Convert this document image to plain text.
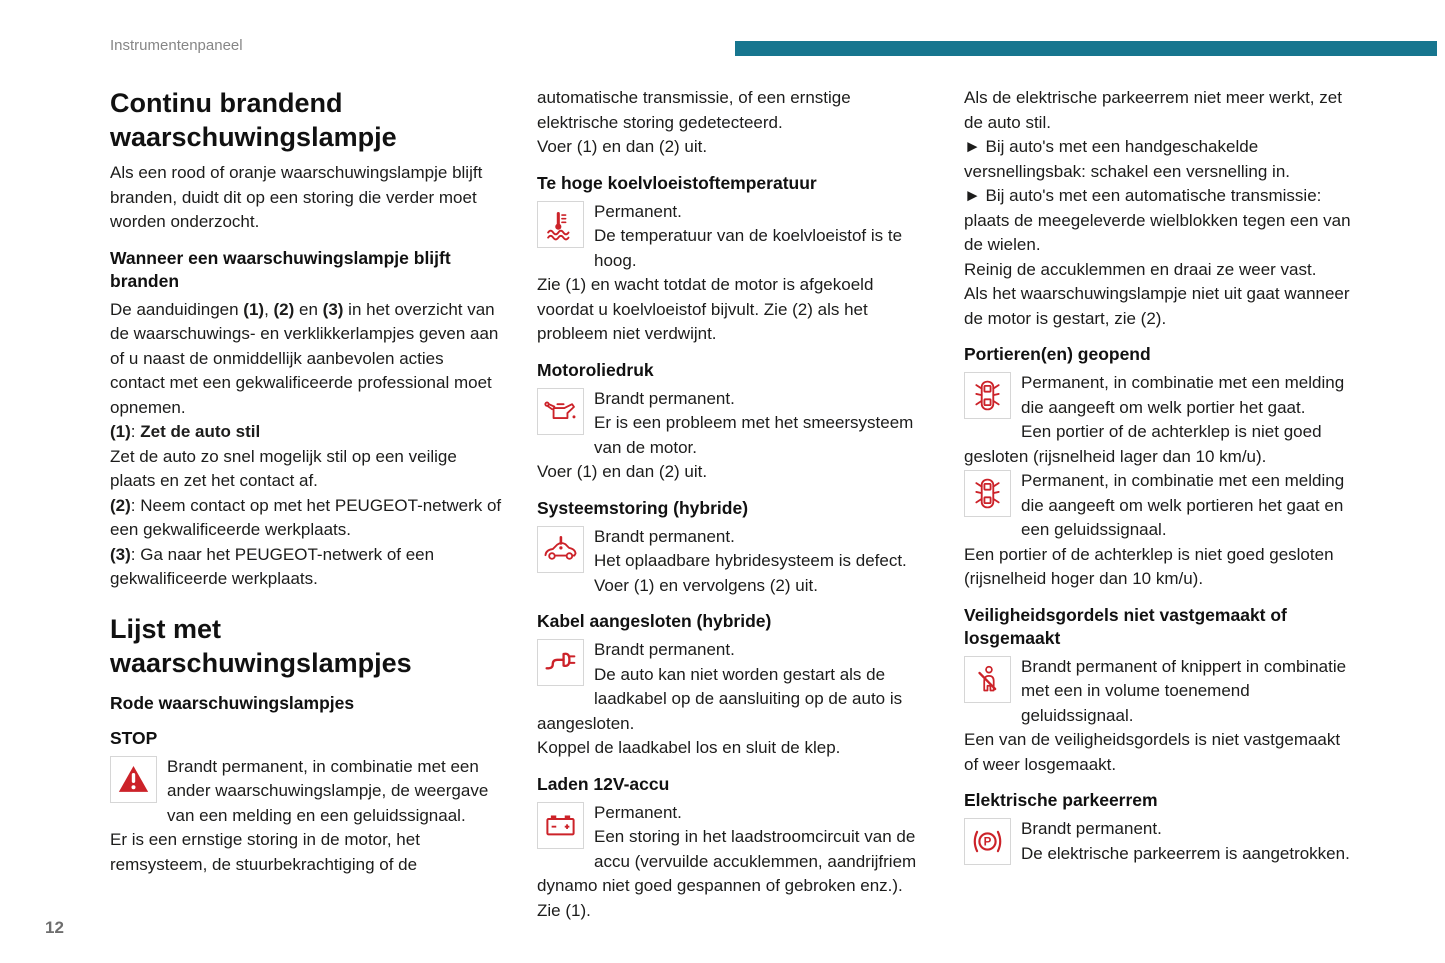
Instrumentenpaneel
Continu brandend waarschuwingslampje

Als een rood of oranje waarschuwingslampje blijft branden, duidt dit op een storing die verder moet worden onderzocht.

Wanneer een waarschuwingslampje blijft branden

De aanduidingen (1), (2) en (3) in het overzicht van de waarschuwings- en verklikkerlampjes geven aan of u naast de onmiddellijk aanbevolen acties contact met een gekwalificeerde professional moet opnemen.

(1): Zet de auto stil
Zet de auto zo snel mogelijk stil op een veilige plaats en zet het contact af.
(2): Neem contact op met het PEUGEOT-netwerk of een gekwalificeerde werkplaats.
(3): Ga naar het PEUGEOT-netwerk of een gekwalificeerde werkplaats.

Lijst met waarschuwingslampjes
Rode waarschuwingslampjes
STOP

Brandt permanent, in combinatie met een ander waarschuwingslampje, de weergave van een melding en een geluidssignaal.
Er is een ernstige storing in de motor, het remsysteem, de stuurbekrachtiging of de

automatische transmissie, of een ernstige elektrische storing gedetecteerd.
Voer (1) en dan (2) uit.

Te hoge koelvloeistoftemperatuur

Permanent.
De temperatuur van de koelvloeistof is te hoog.
Zie (1) en wacht totdat de motor is afgekoeld voordat u koelvloeistof bijvult. Zie (2) als het probleem niet verdwijnt.

Motoroliedruk

Brandt permanent.
Er is een probleem met het smeersysteem van de motor.
Voer (1) en dan (2) uit.

Systeemstoring (hybride)

Brandt permanent.
Het oplaadbare hybridesysteem is defect.
Voer (1) en vervolgens (2) uit.

Kabel aangesloten (hybride)

Brandt permanent.
De auto kan niet worden gestart als de laadkabel op de aansluiting op de auto is aangesloten.
Koppel de laadkabel los en sluit de klep.

Laden 12V-accu

Permanent.
Een storing in het laadstroomcircuit van de accu (vervuilde accuklemmen, aandrijfriem dynamo niet goed gespannen of gebroken enz.).
Zie (1).

Als de elektrische parkeerrem niet meer werkt, zet de auto stil.
► Bij auto's met een handgeschakelde versnellingsbak: schakel een versnelling in.
► Bij auto's met een automatische transmissie: plaats de meegeleverde wielblokken tegen een van de wielen.
Reinig de accuklemmen en draai ze weer vast.
Als het waarschuwingslampje niet uit gaat wanneer de motor is gestart, zie (2).

Portieren(en) geopend

Permanent, in combinatie met een melding die aangeeft om welk portier het gaat.
Een portier of de achterklep is niet goed gesloten (rijsnelheid lager dan 10 km/u).

Permanent, in combinatie met een melding die aangeeft om welk portieren het gaat en een geluidssignaal.
Een portier of de achterklep is niet goed gesloten (rijsnelheid hoger dan 10 km/u).

Veiligheidsgordels niet vastgemaakt of losgemaakt

Brandt permanent of knippert in combinatie met een in volume toenemend geluidssignaal.
Een van de veiligheidsgordels is niet vastgemaakt of weer losgemaakt.

Elektrische parkeerrem

P
Brandt permanent.
De elektrische parkeerrem is aangetrokken.

12
